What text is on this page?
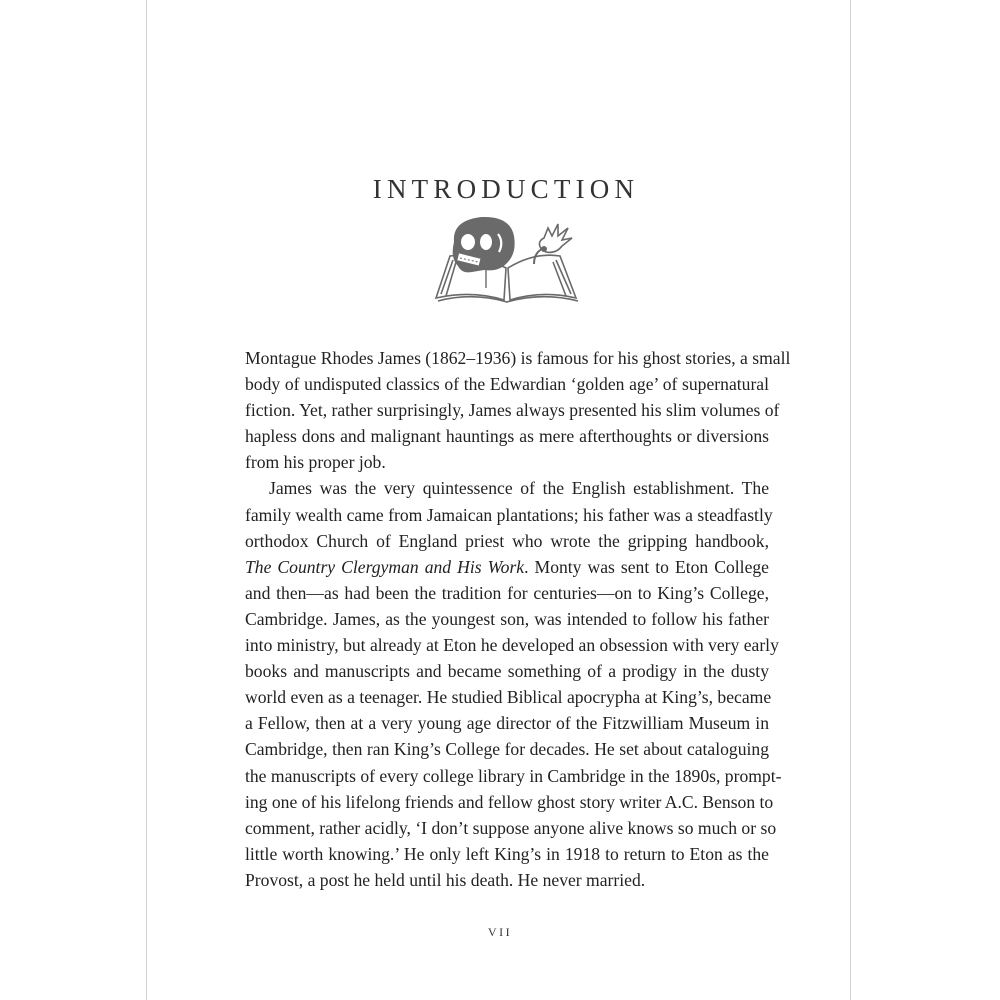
INTRODUCTION

Montague Rhodes James (1862–1936) is famous for his ghost stories, a small
body of undisputed classics of the Edwardian ‘golden age’ of supernatural
fiction. Yet, rather surprisingly, James always presented his slim volumes of
hapless dons and malignant hauntings as mere afterthoughts or diversions
from his proper job.

James was the very quintessence of the English establishment. The
family wealth came from Jamaican plantations; his father was a steadfastly
orthodox Church of England priest who wrote the gripping handbook,
The Country Clergyman and His Work. Monty was sent to Eton College
and then—as had been the tradition for centuries—on to King’s College,
Cambridge. James, as the youngest son, was intended to follow his father
into ministry, but already at Eton he developed an obsession with very early
books and manuscripts and became something of a prodigy in the dusty
world even as a teenager. He studied Biblical apocrypha at King’s, became
a Fellow, then at a very young age director of the Fitzwilliam Museum in
Cambridge, then ran King’s College for decades. He set about cataloguing
the manuscripts of every college library in Cambridge in the 1890s, prompt-
ing one of his lifelong friends and fellow ghost story writer A.C. Benson to
comment, rather acidly, ‘I don’t suppose anyone alive knows so much or so
little worth knowing.’ He only left King’s in 1918 to return to Eton as the
Provost, a post he held until his death. He never married.

VII
